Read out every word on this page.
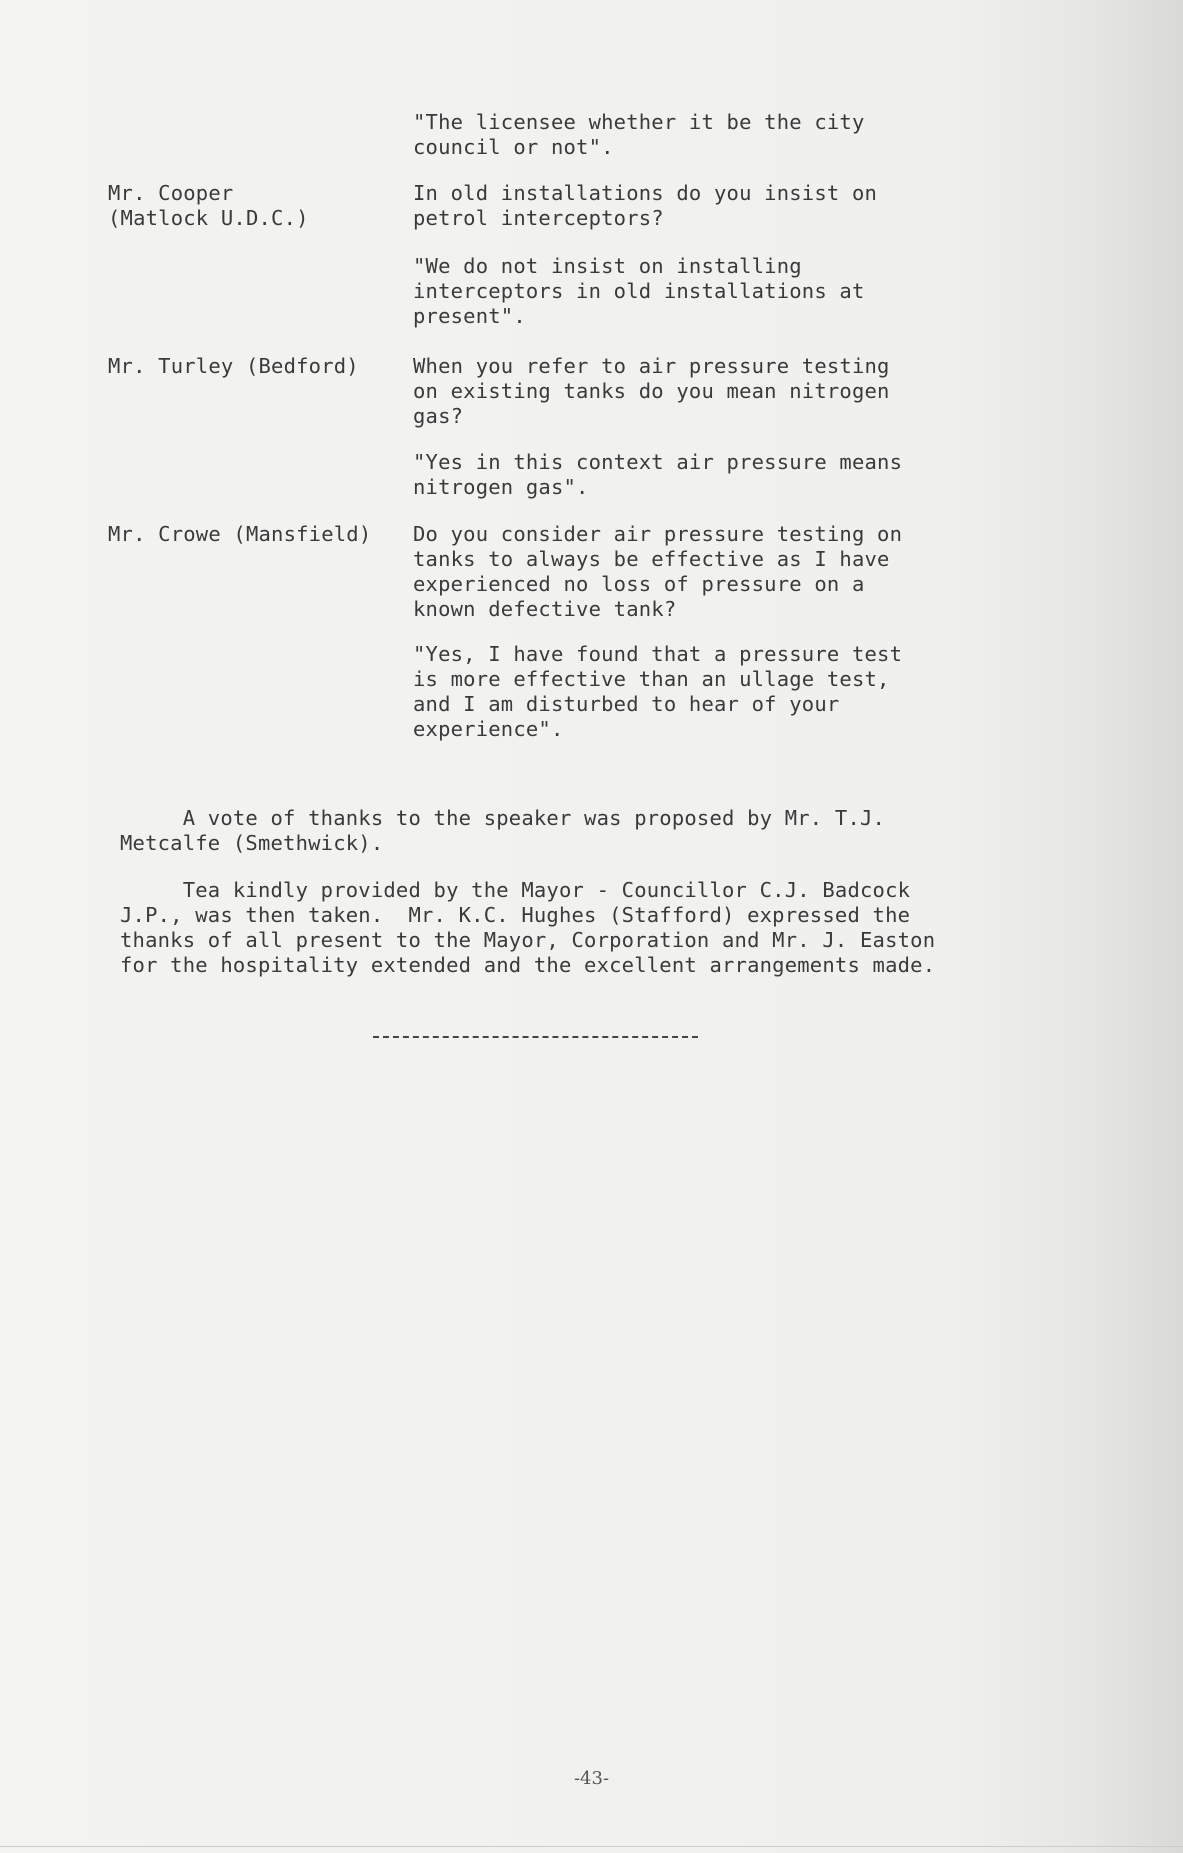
"The licensee whether it be the city
council or not".
Mr. Cooper
(Matlock U.D.C.)
In old installations do you insist on
petrol interceptors?
"We do not insist on installing
interceptors in old installations at
present".
Mr. Turley (Bedford)	When you refer to air pressure testing
on existing tanks do you mean nitrogen
gas?
"Yes in this context air pressure means
nitrogen gas".
Mr. Crowe (Mansfield) Do you consider air pressure testing on
tanks to always be effective as I have
experienced no loss of pressure on a
known defective tank?
"Yes, I have found that a pressure test
is more effective than an ullage test,
and I am disturbed to hear of your
experience".
A vote of thanks to the speaker was proposed by Mr. T.J.
Metcalfe (Smethwick).
Tea kindly provided by the Mayor - Councillor C.J. Badcock
J.P., was then taken.  Mr. K.C. Hughes (Stafford) expressed the
thanks of all present to the Mayor, Corporation and Mr. J. Easton
for the hospitality extended and the excellent arrangements made.
-43-
